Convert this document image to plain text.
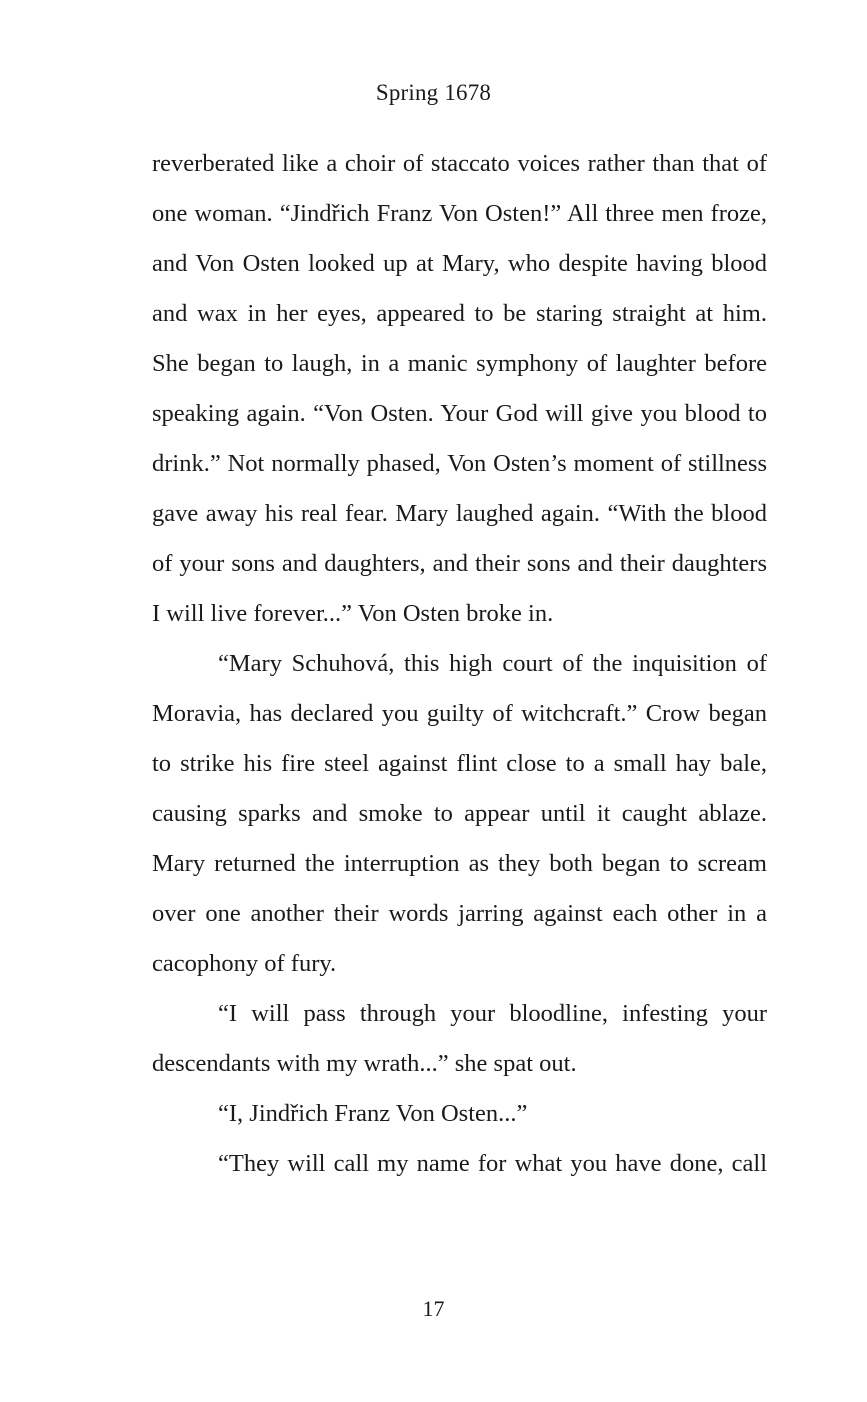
Spring 1678

reverberated like a choir of staccato voices rather than that of one woman. “Jindřich Franz Von Osten!” All three men froze, and Von Osten looked up at Mary, who despite having blood and wax in her eyes, appeared to be staring straight at him. She began to laugh, in a manic symphony of laughter before speaking again. “Von Osten. Your God will give you blood to drink.” Not normally phased, Von Osten’s moment of stillness gave away his real fear. Mary laughed again. “With the blood of your sons and daughters, and their sons and their daughters I will live forever...” Von Osten broke in.

“Mary Schuhová, this high court of the inquisition of Moravia, has declared you guilty of witchcraft.” Crow began to strike his fire steel against flint close to a small hay bale, causing sparks and smoke to appear until it caught ablaze. Mary returned the interruption as they both began to scream over one another their words jarring against each other in a cacophony of fury.

“I will pass through your bloodline, infesting your descendants with my wrath...” she spat out.

“I, Jindřich Franz Von Osten...”

“They will call my name for what you have done, call

17
